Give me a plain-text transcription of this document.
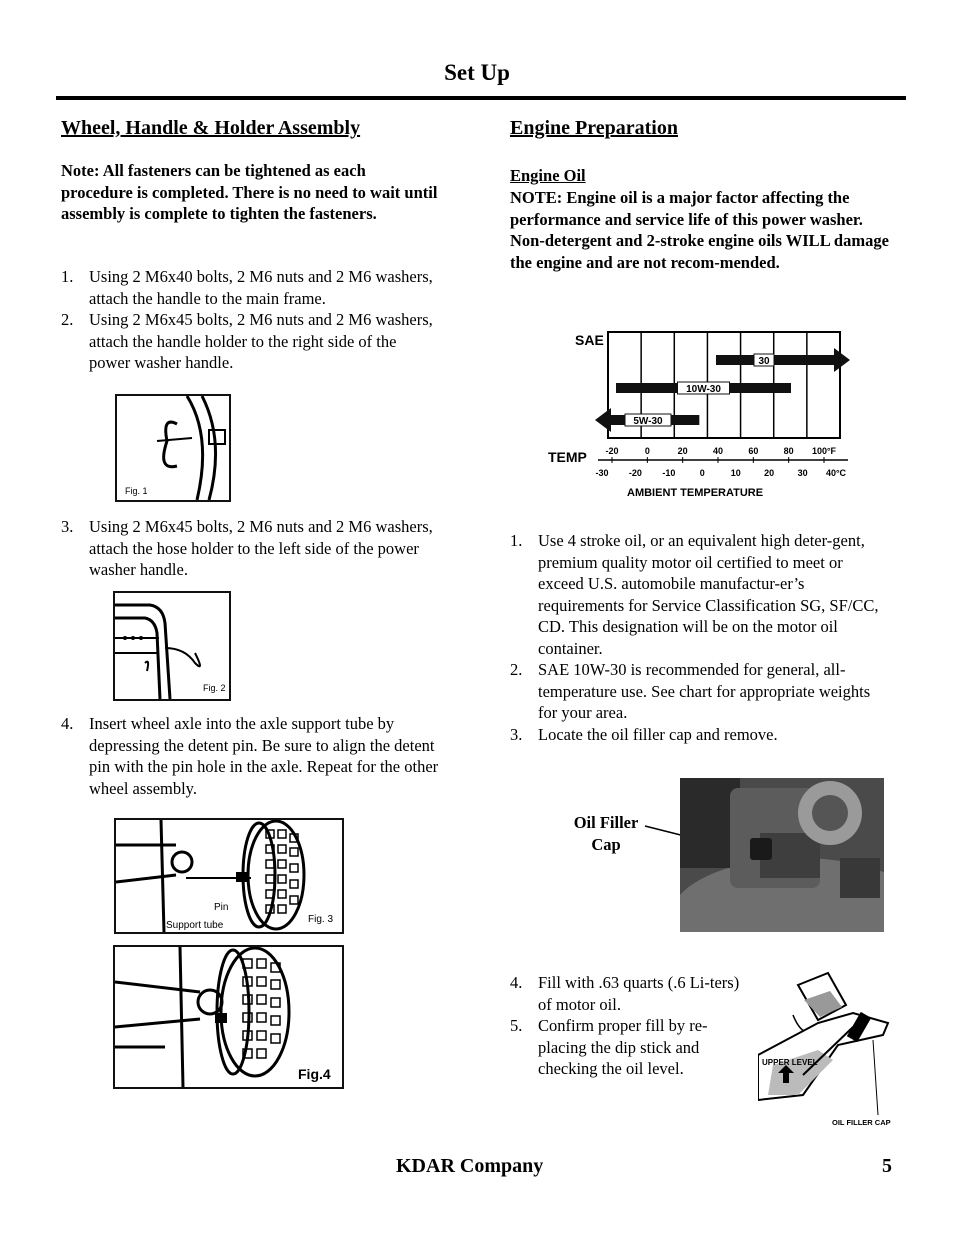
Set Up
Wheel, Handle & Holder Assembly
Note: All fasteners can be tightened as each procedure is completed. There is no need to wait until assembly is complete to tighten the fasteners.
1. Using 2 M6x40 bolts, 2 M6 nuts and 2 M6 washers, attach the handle to the main frame.
2. Using 2 M6x45 bolts, 2 M6 nuts and 2 M6 washers, attach the handle holder to the right side of the power washer handle.
Fig. 1
3. Using 2 M6x45 bolts, 2 M6 nuts and 2 M6 washers, attach the hose holder to the left side of the power washer handle.
Fig. 2
4. Insert wheel axle into the axle support tube by depressing the detent pin. Be sure to align the detent pin with the pin hole in the axle. Repeat for the other wheel assembly.
Pin
Support tube
Fig. 3
Fig.4
Engine Preparation
Engine Oil
NOTE: Engine oil is a major factor affecting the performance and service life of this power washer. Non-detergent and 2-stroke engine oils WILL damage the engine and are not recom-mended.
SAE
TEMP
AMBIENT TEMPERATURE
30
10W-30
5W-30
-20	0	20	40	60	80 100°F
-30 -20 -10	0	10	20	30 40°C
1. Use 4 stroke oil, or an equivalent high deter-gent, premium quality motor oil certified to meet or exceed U.S. automobile manufactur-er’s requirements for Service Classification SG, SF/CC, CD. This designation will be on the motor oil container.
2. SAE 10W-30 is recommended for general, all-temperature use. See chart for appropriate weights for your area.
3. Locate the oil filler cap and remove.
Oil Filler Cap
4. Fill with .63 quarts (.6 Li-ters) of motor oil.
5. Confirm proper fill by re-placing the dip stick and checking the oil level.	UPPER LEVEL
OIL FILLER CAP
KDAR Company	5
